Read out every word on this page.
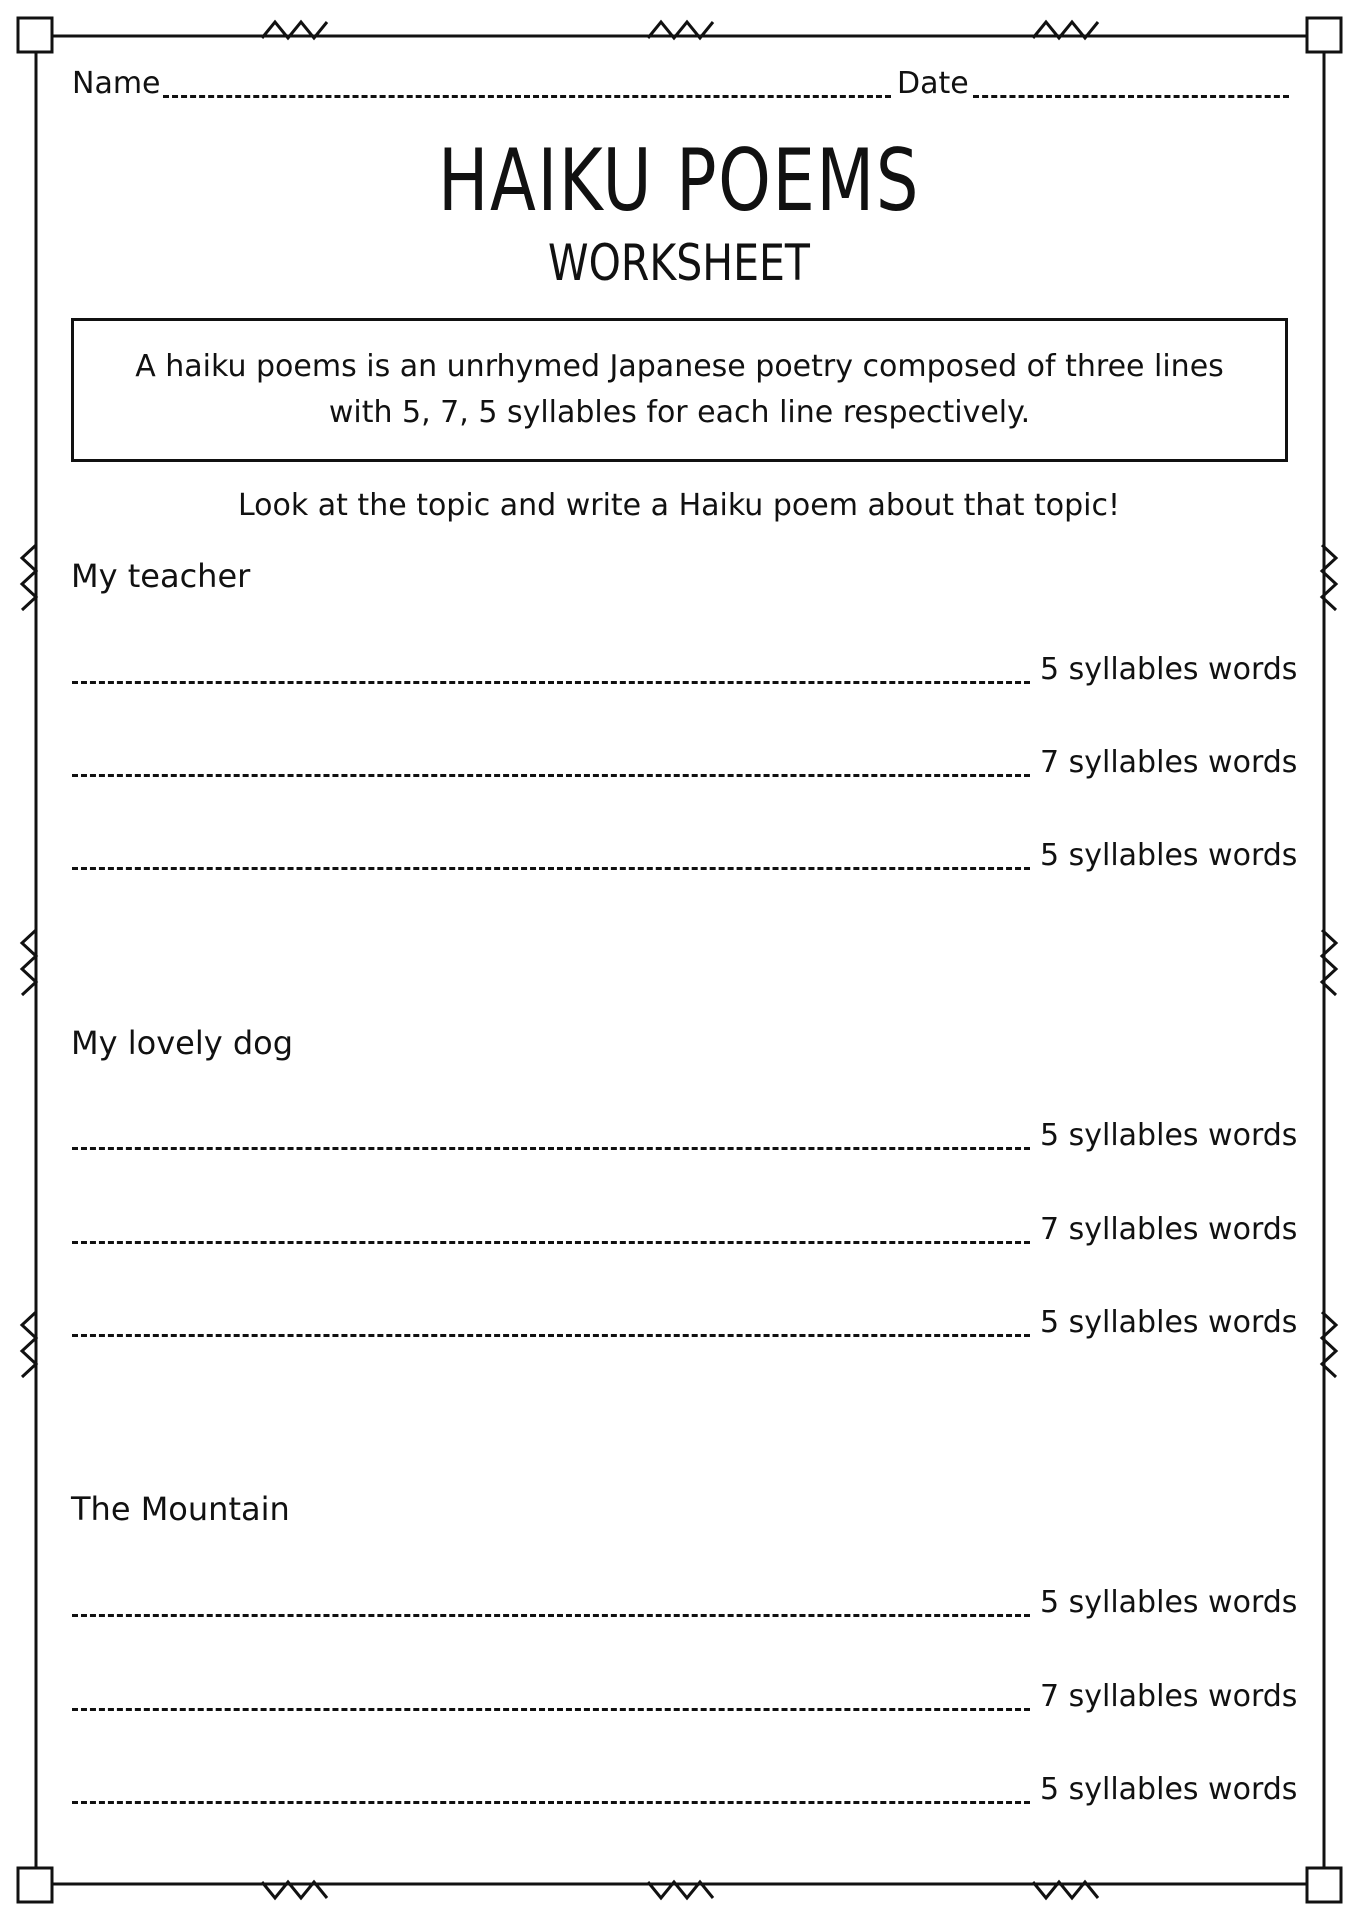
Name	Date
HAIKU POEMS
WORKSHEET
A haiku poems is an unrhymed Japanese poetry composed of three lines with 5, 7, 5 syllables for each line respectively.
Look at the topic and write a Haiku poem about that topic!
My teacher
5 syllables words
7 syllables words
5 syllables words
My lovely dog
5 syllables words
7 syllables words
5 syllables words
The Mountain
5 syllables words
7 syllables words
5 syllables words
